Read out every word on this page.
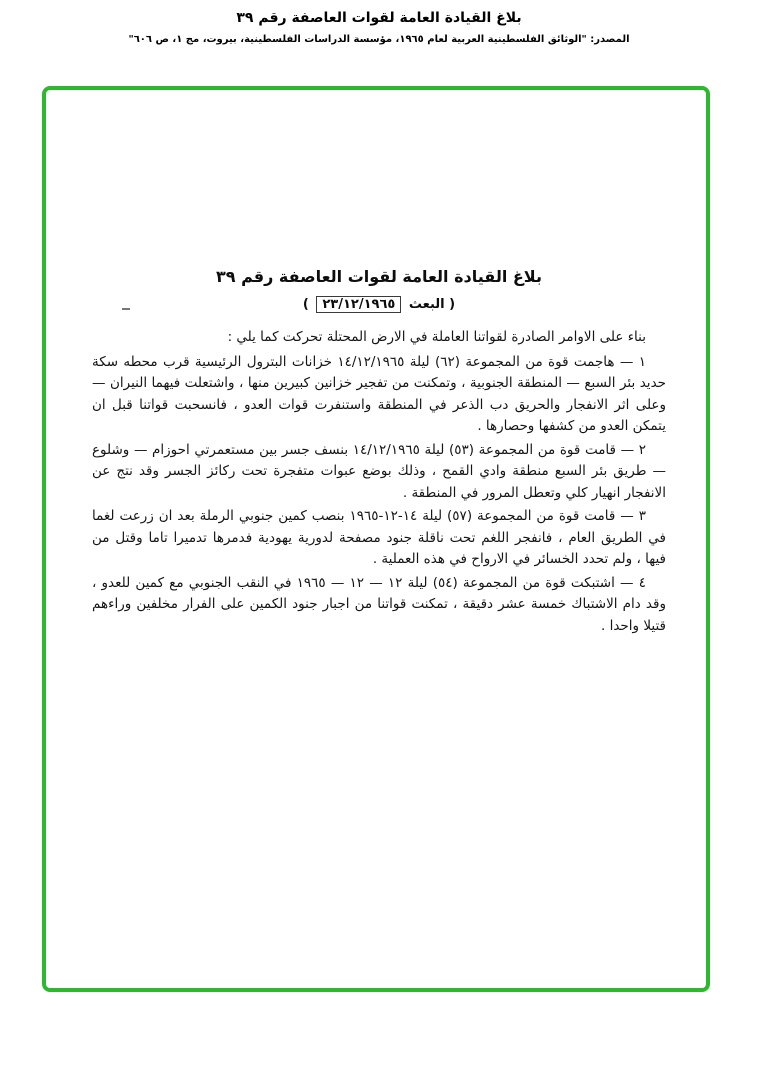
بلاغ القيادة العامة لقوات العاصفة رقم ٣٩
المصدر: "الوثائق الفلسطينية العربية لعام ١٩٦٥، مؤسسة الدراسات الفلسطينية، بيروت، مج ١، ص ٦٠٦"
بلاغ القيادة العامة لقوات العاصفة رقم ٣٩
( البعث ٢٣/١٢/١٩٦٥ )

بناء على الاوامر الصادرة لقواتنا العاملة في الارض المحتلة تحركت كما يلي :

١ — هاجمت قوة من المجموعة (٦٢) ليلة ١٤/١٢/١٩٦٥ خزانات البترول الرئيسية قرب محطه سكة حديد بئر السبع — المنطقة الجنوبية ، وتمكنت من تفجير خزانين كبيرين منها ، واشتعلت فيهما النيران — وعلى اثر الانفجار والحريق دب الذعر في المنطقة واستنفرت قوات العدو ، فانسحبت قواتنا قبل ان يتمكن العدو من كشفها وحصارها .

٢ — قامت قوة من المجموعة (٥٣) ليلة ١٤/١٢/١٩٦٥ بنسف جسر بين مستعمرتي احوزام — وشلوع — طريق بئر السبع منطقة وادي القمح ، وذلك بوضع عبوات متفجرة تحت ركائز الجسر وقد نتج عن الانفجار انهيار كلي وتعطل المرور في المنطقة .

٣ — قامت قوة من المجموعة (٥٧) ليلة ١٤-١٢-١٩٦٥ بنصب كمين جنوبي الرملة بعد ان زرعت لغما في الطريق العام ، فانفجر اللغم تحت ناقلة جنود مصفحة لدورية يهودية فدمرها تدميرا تاما وقتل من فيها ، ولم تحدد الخسائر في الارواح في هذه العملية .

٤ — اشتبكت قوة من المجموعة (٥٤) ليلة ١٢ — ١٢ — ١٩٦٥ في النقب الجنوبي مع كمين للعدو ، وقد دام الاشتباك خمسة عشر دقيقة ، تمكنت قواتنا من اجبار جنود الكمين على الفرار مخلفين وراءهم قتيلا واحدا .
